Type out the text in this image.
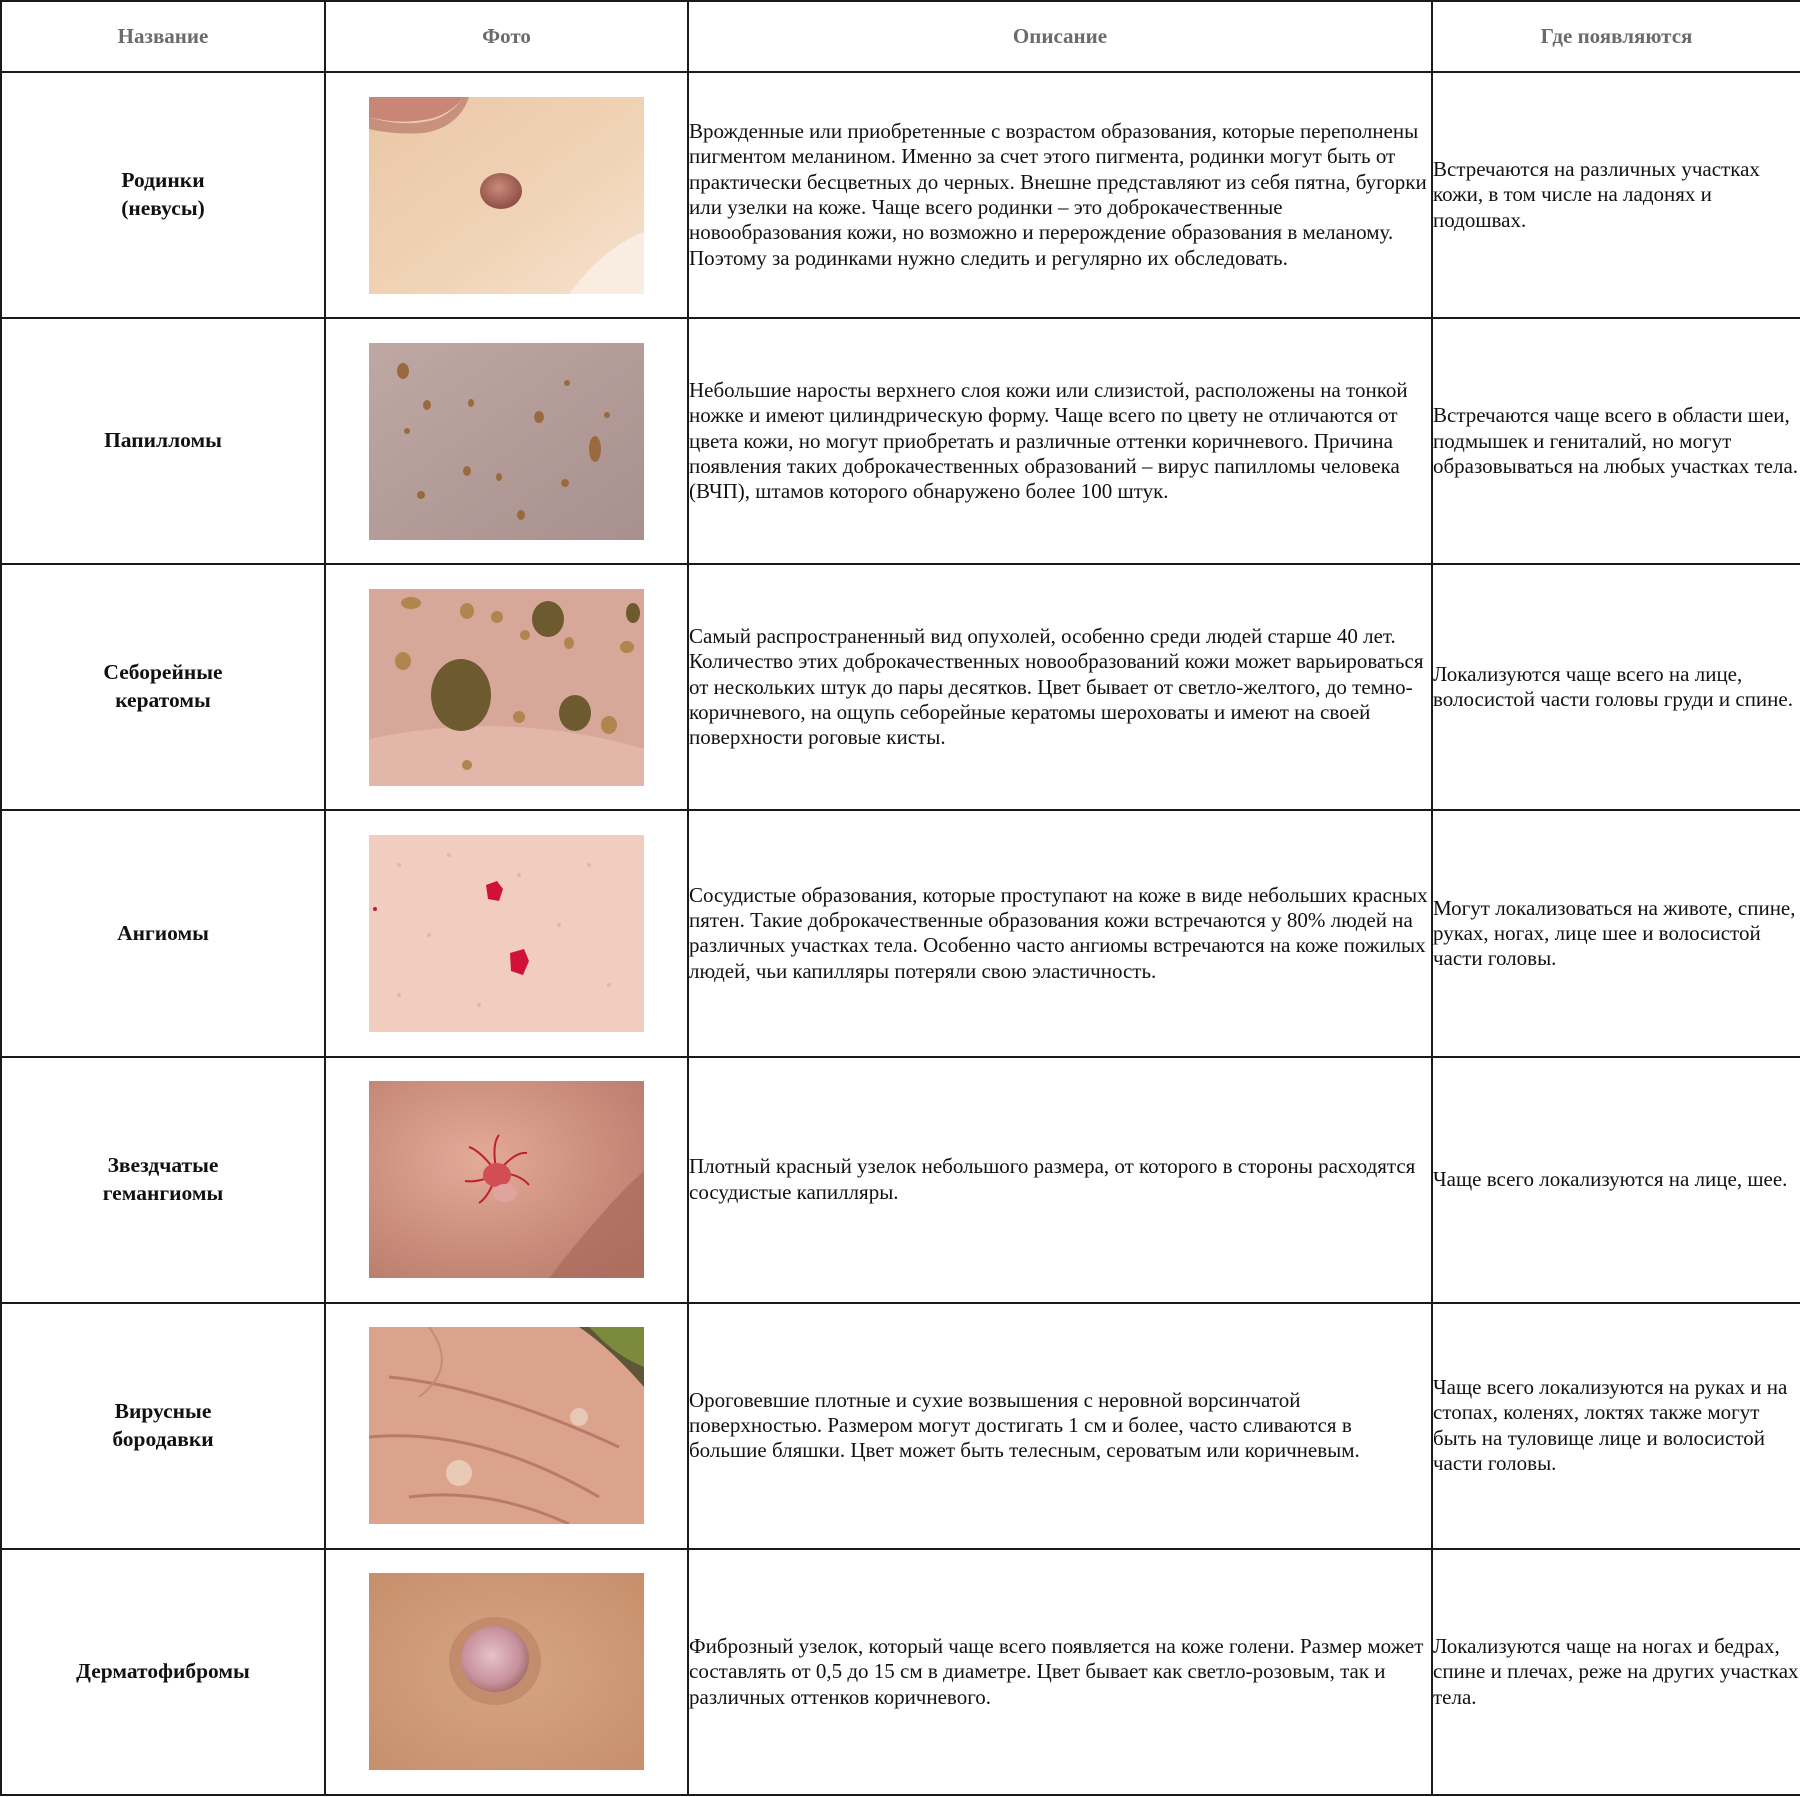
Название	Фото	Описание	Где появляются
Родинки
(невусы)		Врожденные или приобретенные с возрастом образования, которые переполнены пигментом меланином. Именно за счет этого пигмента, родинки могут быть от практически бесцветных до черных. Внешне представляют из себя пятна, бугорки или узелки на коже. Чаще всего родинки – это доброкачественные новообразования кожи, но возможно и перерождение образования в меланому. Поэтому за родинками нужно следить и регулярно их обследовать.	Встречаются на различных участках кожи, в том числе на ладонях и подошвах.
Папилломы		Небольшие наросты верхнего слоя кожи или слизистой, расположены на тонкой ножке и имеют цилиндрическую форму. Чаще всего по цвету не отличаются от цвета кожи, но могут приобретать и различные оттенки коричневого. Причина появления таких доброкачественных образований – вирус папилломы человека (ВЧП), штамов которого обнаружено более 100 штук.	Встречаются чаще всего в области шеи, подмышек и гениталий, но могут образовываться на любых участках тела.
Себорейные
кератомы		Самый распространенный вид опухолей, особенно среди людей старше 40 лет. Количество этих доброкачественных новообразований кожи может варьироваться от нескольких штук до пары десятков. Цвет бывает от светло-желтого, до темно-коричневого, на ощупь себорейные кератомы шероховаты и имеют на своей поверхности роговые кисты.	Локализуются чаще всего на лице, волосистой части головы груди и спине.
Ангиомы		Сосудистые образования, которые проступают на коже в виде небольших красных пятен. Такие доброкачественные образования кожи встречаются у 80% людей на различных участках тела. Особенно часто ангиомы встречаются на коже пожилых людей, чьи капилляры потеряли свою эластичность.	Могут локализоваться на животе, спине, руках, ногах, лице шее и волосистой части головы.
Звездчатые
гемангиомы		Плотный красный узелок небольшого размера, от которого в стороны расходятся сосудистые капилляры.	Чаще всего локализуются на лице, шее.
Вирусные
бородавки		Ороговевшие плотные и сухие возвышения с неровной ворсинчатой поверхностью. Размером могут достигать 1 см и более, часто сливаются в большие бляшки. Цвет может быть телесным, сероватым или коричневым.	Чаще всего локализуются на руках и на стопах, коленях, локтях также могут быть на туловище лице и волосистой части головы.
Дерматофибромы		Фиброзный узелок, который чаще всего появляется на коже голени. Размер может составлять от 0,5 до 15 см в диаметре. Цвет бывает как светло-розовым, так и различных оттенков коричневого.	Локализуются чаще на ногах и бедрах, спине и плечах, реже на других участках тела.
